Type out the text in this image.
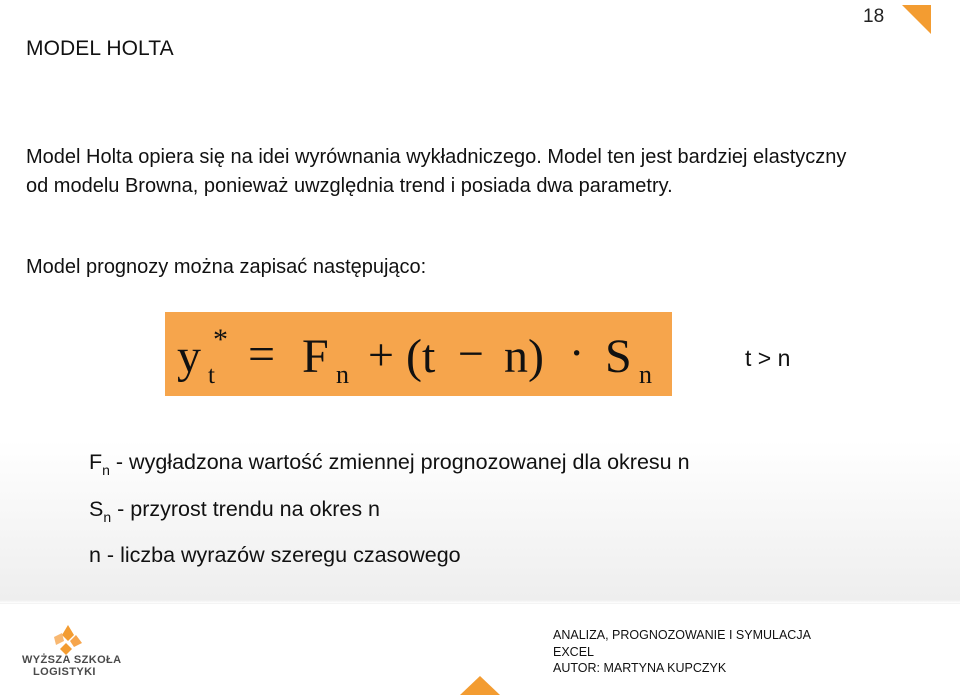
18
MODEL HOLTA

Model Holta opiera się na idei wyrównania wykładniczego. Model ten jest bardziej elastyczny od modelu Browna, ponieważ uwzględnia trend i posiada dwa parametry.

Model prognozy można zapisać następująco:

y *
t = F n + (t − n) · S n
t > n
$F_n$ - wygładzona wartość zmiennej prognozowanej dla okresu n
$S_n$ - przyrost trendu na okres n
n - liczba wyrazów szeregu czasowego
WYŻSZA SZKOŁA
LOGISTYKI
ANALIZA, PROGNOZOWANIE I SYMULACJA
EXCEL
AUTOR: MARTYNA KUPCZYK
